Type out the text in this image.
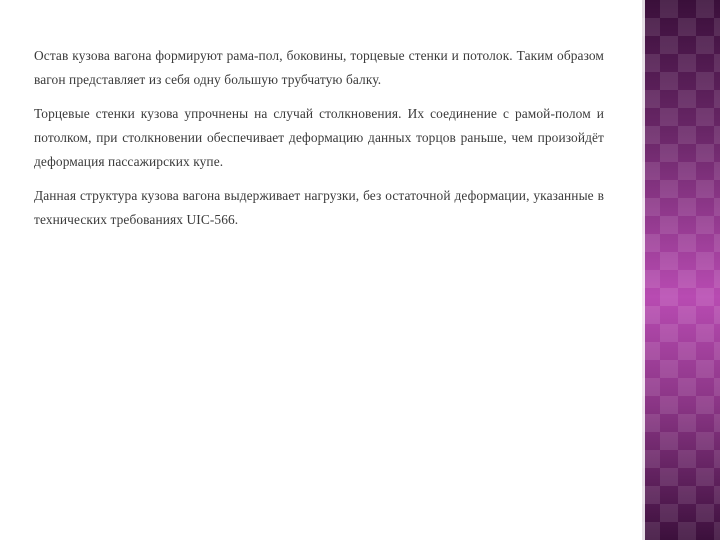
Остав кузова вагона формируют рама-пол, боковины, торцевые стенки и потолок. Таким образом вагон представляет из себя одну большую трубчатую балку.

Торцевые стенки кузова упрочнены на случай столкновения. Их соединение с рамой-полом и потолком, при столкновении обеспечивает деформацию данных торцов раньше, чем произойдёт деформация пассажирских купе.

Данная структура кузова вагона выдерживает нагрузки, без остаточной деформации, указанные в технических требованиях UIC-566.
